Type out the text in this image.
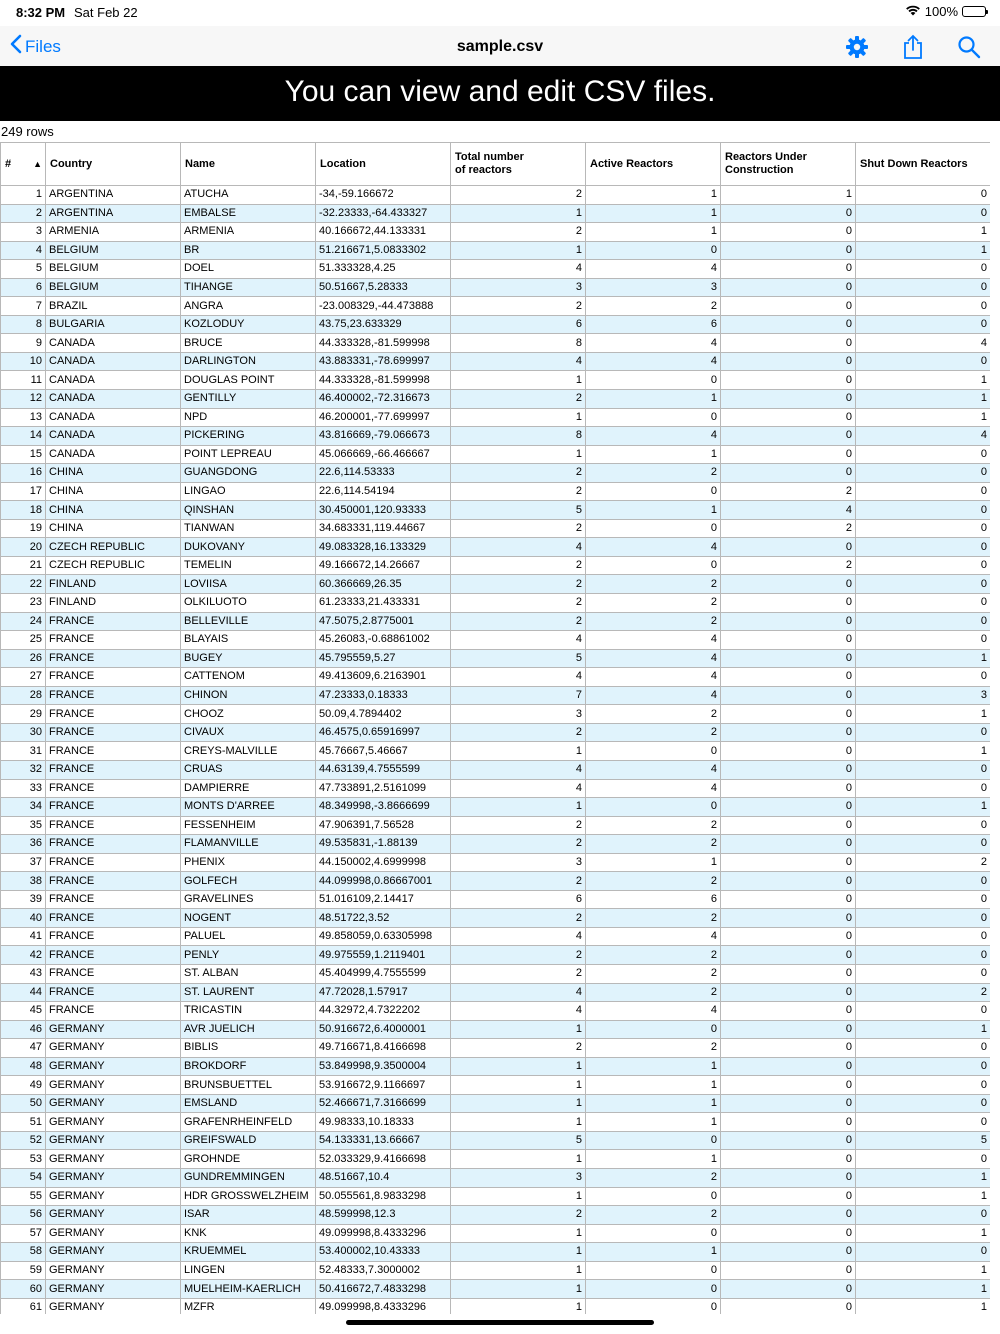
8:32 PM Sat Feb 22	100%
Files	sample.csv
You can view and edit CSV files.
249 rows
# ▲	Country	Name	Location	Total number
of reactors	Active Reactors	Reactors Under
Construction	Shut Down Reactors
1	ARGENTINA	ATUCHA	-34,-59.166672	2	1	1	0
2	ARGENTINA	EMBALSE	-32.23333,-64.433327	1	1	0	0
3	ARMENIA	ARMENIA	40.166672,44.133331	2	1	0	1
4	BELGIUM	BR	51.216671,5.0833302	1	0	0	1
5	BELGIUM	DOEL	51.333328,4.25	4	4	0	0
6	BELGIUM	TIHANGE	50.51667,5.28333	3	3	0	0
7	BRAZIL	ANGRA	-23.008329,-44.473888	2	2	0	0
8	BULGARIA	KOZLODUY	43.75,23.633329	6	6	0	0
9	CANADA	BRUCE	44.333328,-81.599998	8	4	0	4
10	CANADA	DARLINGTON	43.883331,-78.699997	4	4	0	0
11	CANADA	DOUGLAS POINT	44.333328,-81.599998	1	0	0	1
12	CANADA	GENTILLY	46.400002,-72.316673	2	1	0	1
13	CANADA	NPD	46.200001,-77.699997	1	0	0	1
14	CANADA	PICKERING	43.816669,-79.066673	8	4	0	4
15	CANADA	POINT LEPREAU	45.066669,-66.466667	1	1	0	0
16	CHINA	GUANGDONG	22.6,114.53333	2	2	0	0
17	CHINA	LINGAO	22.6,114.54194	2	0	2	0
18	CHINA	QINSHAN	30.450001,120.93333	5	1	4	0
19	CHINA	TIANWAN	34.683331,119.44667	2	0	2	0
20	CZECH REPUBLIC	DUKOVANY	49.083328,16.133329	4	4	0	0
21	CZECH REPUBLIC	TEMELIN	49.166672,14.26667	2	0	2	0
22	FINLAND	LOVIISA	60.366669,26.35	2	2	0	0
23	FINLAND	OLKILUOTO	61.23333,21.433331	2	2	0	0
24	FRANCE	BELLEVILLE	47.5075,2.8775001	2	2	0	0
25	FRANCE	BLAYAIS	45.26083,-0.68861002	4	4	0	0
26	FRANCE	BUGEY	45.795559,5.27	5	4	0	1
27	FRANCE	CATTENOM	49.413609,6.2163901	4	4	0	0
28	FRANCE	CHINON	47.23333,0.18333	7	4	0	3
29	FRANCE	CHOOZ	50.09,4.7894402	3	2	0	1
30	FRANCE	CIVAUX	46.4575,0.65916997	2	2	0	0
31	FRANCE	CREYS-MALVILLE	45.76667,5.46667	1	0	0	1
32	FRANCE	CRUAS	44.63139,4.7555599	4	4	0	0
33	FRANCE	DAMPIERRE	47.733891,2.5161099	4	4	0	0
34	FRANCE	MONTS D'ARREE	48.349998,-3.8666699	1	0	0	1
35	FRANCE	FESSENHEIM	47.906391,7.56528	2	2	0	0
36	FRANCE	FLAMANVILLE	49.535831,-1.88139	2	2	0	0
37	FRANCE	PHENIX	44.150002,4.6999998	3	1	0	2
38	FRANCE	GOLFECH	44.099998,0.86667001	2	2	0	0
39	FRANCE	GRAVELINES	51.016109,2.14417	6	6	0	0
40	FRANCE	NOGENT	48.51722,3.52	2	2	0	0
41	FRANCE	PALUEL	49.858059,0.63305998	4	4	0	0
42	FRANCE	PENLY	49.975559,1.2119401	2	2	0	0
43	FRANCE	ST. ALBAN	45.404999,4.7555599	2	2	0	0
44	FRANCE	ST. LAURENT	47.72028,1.57917	4	2	0	2
45	FRANCE	TRICASTIN	44.32972,4.7322202	4	4	0	0
46	GERMANY	AVR JUELICH	50.916672,6.4000001	1	0	0	1
47	GERMANY	BIBLIS	49.716671,8.4166698	2	2	0	0
48	GERMANY	BROKDORF	53.849998,9.3500004	1	1	0	0
49	GERMANY	BRUNSBUETTEL	53.916672,9.1166697	1	1	0	0
50	GERMANY	EMSLAND	52.466671,7.3166699	1	1	0	0
51	GERMANY	GRAFENRHEINFELD	49.98333,10.18333	1	1	0	0
52	GERMANY	GREIFSWALD	54.133331,13.66667	5	0	0	5
53	GERMANY	GROHNDE	52.033329,9.4166698	1	1	0	0
54	GERMANY	GUNDREMMINGEN	48.51667,10.4	3	2	0	1
55	GERMANY	HDR GROSSWELZHEIM	50.055561,8.9833298	1	0	0	1
56	GERMANY	ISAR	48.599998,12.3	2	2	0	0
57	GERMANY	KNK	49.099998,8.4333296	1	0	0	1
58	GERMANY	KRUEMMEL	53.400002,10.43333	1	1	0	0
59	GERMANY	LINGEN	52.48333,7.3000002	1	0	0	1
60	GERMANY	MUELHEIM-KAERLICH	50.416672,7.4833298	1	0	0	1
61	GERMANY	MZFR	49.099998,8.4333296	1	0	0	1
